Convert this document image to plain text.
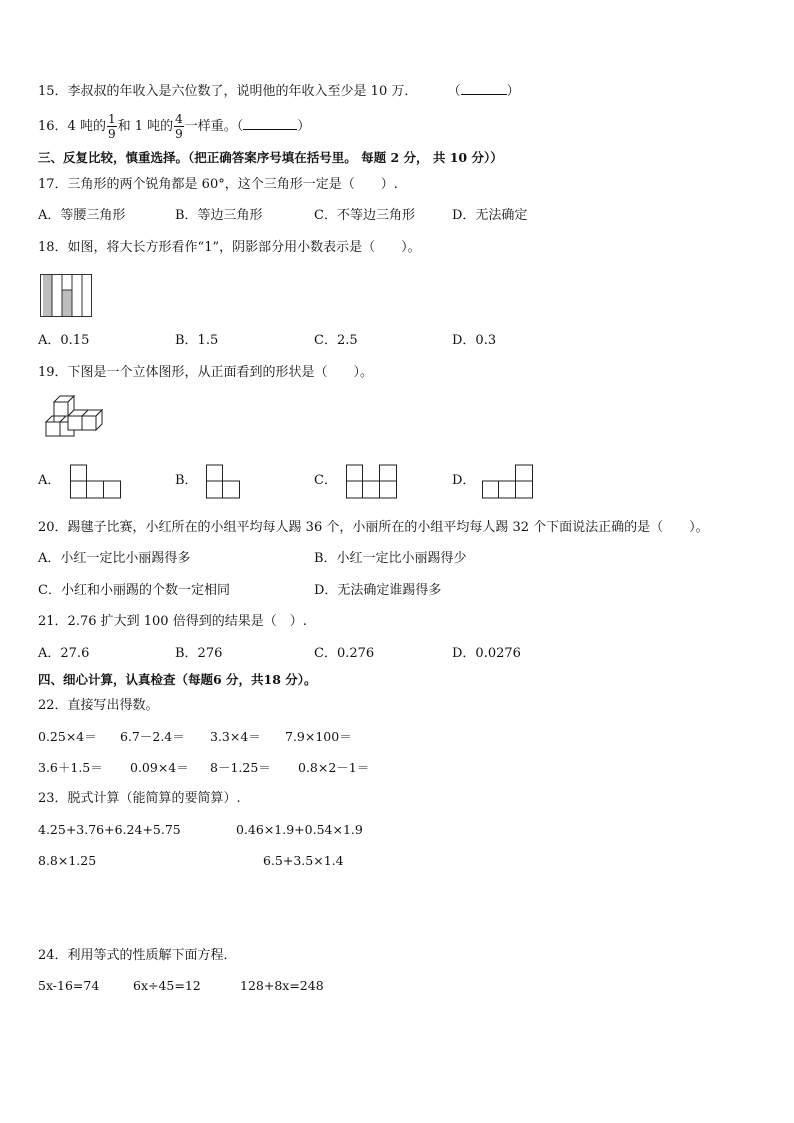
15．李叔叔的年收入是六位数了，说明他的年收入至少是 10 万． （	）
16．4 吨的 $\frac{1}{9}$ 和 1 吨的 $\frac{4}{9}$ 一样重。（	）
三、反复比较，慎重选择。（把正确答案序号填在括号里。 每题 2 分， 共 10 分））
17．三角形的两个锐角都是 60°，这个三角形一定是（　　）.
A．等腰三角形	B．等边三角形	C．不等边三角形	D．无法确定
18．如图，将大长方形看作“1”，阴影部分用小数表示是（　　）。
A．0.15	B．1.5	C．2.5	D．0.3
19．下图是一个立体图形，从正面看到的形状是（　　）。
A．	B．	C．	D．
20．踢毽子比赛，小红所在的小组平均每人踢 36 个，小丽所在的小组平均每人踢 32 个下面说法正确的是（　　）。
A．小红一定比小丽踢得多	B．小红一定比小丽踢得少
C．小红和小丽踢的个数一定相同	D．无法确定谁踢得多
21．2.76 扩大到 100 倍得到的结果是（　）.
A．27.6	B．276	C．0.276	D．0.0276
四、细心计算，认真检查（每题6 分，共18 分）。
22．直接写出得数。
0.25×4＝ 6.7－2.4＝ 3.3×4＝ 7.9×100＝
3.6＋1.5＝ 0.09×4＝ 8－1.25＝ 0.8×2－1＝
23．脱式计算（能简算的要简算）.
4.25+3.76+6.24+5.75	0.46×1.9+0.54×1.9
8.8×1.25	6.5+3.5×1.4
24．利用等式的性质解下面方程．
5x-16=74	6x÷45=12	128+8x=248
